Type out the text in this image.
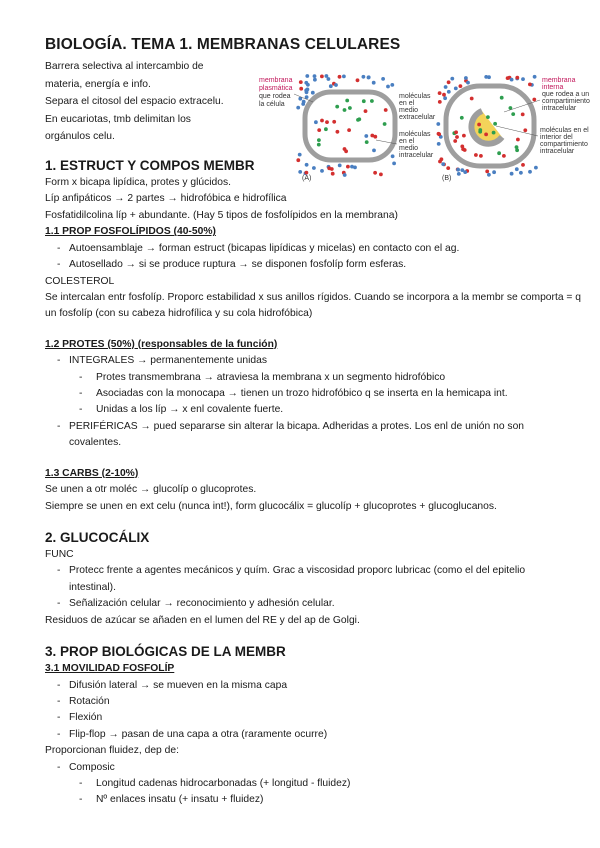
BIOLOGÍA. TEMA 1. MEMBRANAS CELULARES
Barrera selectiva al intercambio de
materia, energía e info.
Separa el citosol del espacio extracelu.
En eucariotas, tmb delimitan los
orgánulos celu.
membrana
plasmática
que rodea
la célula
moléculas
en el
medio
extracelular
moléculas
en el
medio
intracelular
membrana
interna
que rodea a un
compartimiento
intracelular
moléculas en el
interior del
compartimiento
intracelular
(A)	(B)
1. ESTRUCT Y COMPOS MEMBR

Form x bicapa lipídica, protes y glúcidos.

Líp anfipáticos → 2 partes → hidrofóbica e hidrofílica

Fosfatidilcolina líp + abundante. (Hay 5 tipos de fosfolípidos en la membrana)

1.1 PROP FOSFOLÍPIDOS (40-50%)
- Autoensamblaje → forman estruct (bicapas lipídicas y micelas) en contacto con el ag.
- Autosellado → si se produce ruptura → se disponen fosfolíp form esferas.

COLESTEROL

Se intercalan entr fosfolíp. Proporc estabilidad x sus anillos rígidos. Cuando se incorpora a la membr se comporta = q un fosfolíp (con su cabeza hidrofílica y su cola hidrofóbica)

1.2 PROTES (50%) (responsables de la función)
- INTEGRALES → permanentemente unidas
- Protes transmembrana → atraviesa la membrana x un segmento hidrofóbico
- Asociadas con la monocapa → tienen un trozo hidrofóbico q se inserta en la hemicapa int.
- Unidas a los líp → x enl covalente fuerte.
- PERIFÉRICAS → pued separarse sin alterar la bicapa. Adheridas a protes. Los enl de unión no son covalentes.
1.3 CARBS (2-10%)

Se unen a otr moléc → glucolíp o glucoprotes.

Siempre se unen en ext celu (nunca int!), form glucocálix = glucolíp + glucoprotes + glucoglucanos.

2. GLUCOCÁLIX

FUNC

- Protecc frente a agentes mecánicos y quím. Grac a viscosidad proporc lubricac (como el del epitelio intestinal).
- Señalización celular → reconocimiento y adhesión celular.

Residuos de azúcar se añaden en el lumen del RE y del ap de Golgi.

3. PROP BIOLÓGICAS DE LA MEMBR
3.1 MOVILIDAD FOSFOLÍP
- Difusión lateral → se mueven en la misma capa
- Rotación
- Flexión
- Flip-flop → pasan de una capa a otra (raramente ocurre)

Proporcionan fluidez, dep de:

- Composic
- Longitud cadenas hidrocarbonadas (+ longitud - fluidez)
- Nº enlaces insatu (+ insatu + fluidez)
